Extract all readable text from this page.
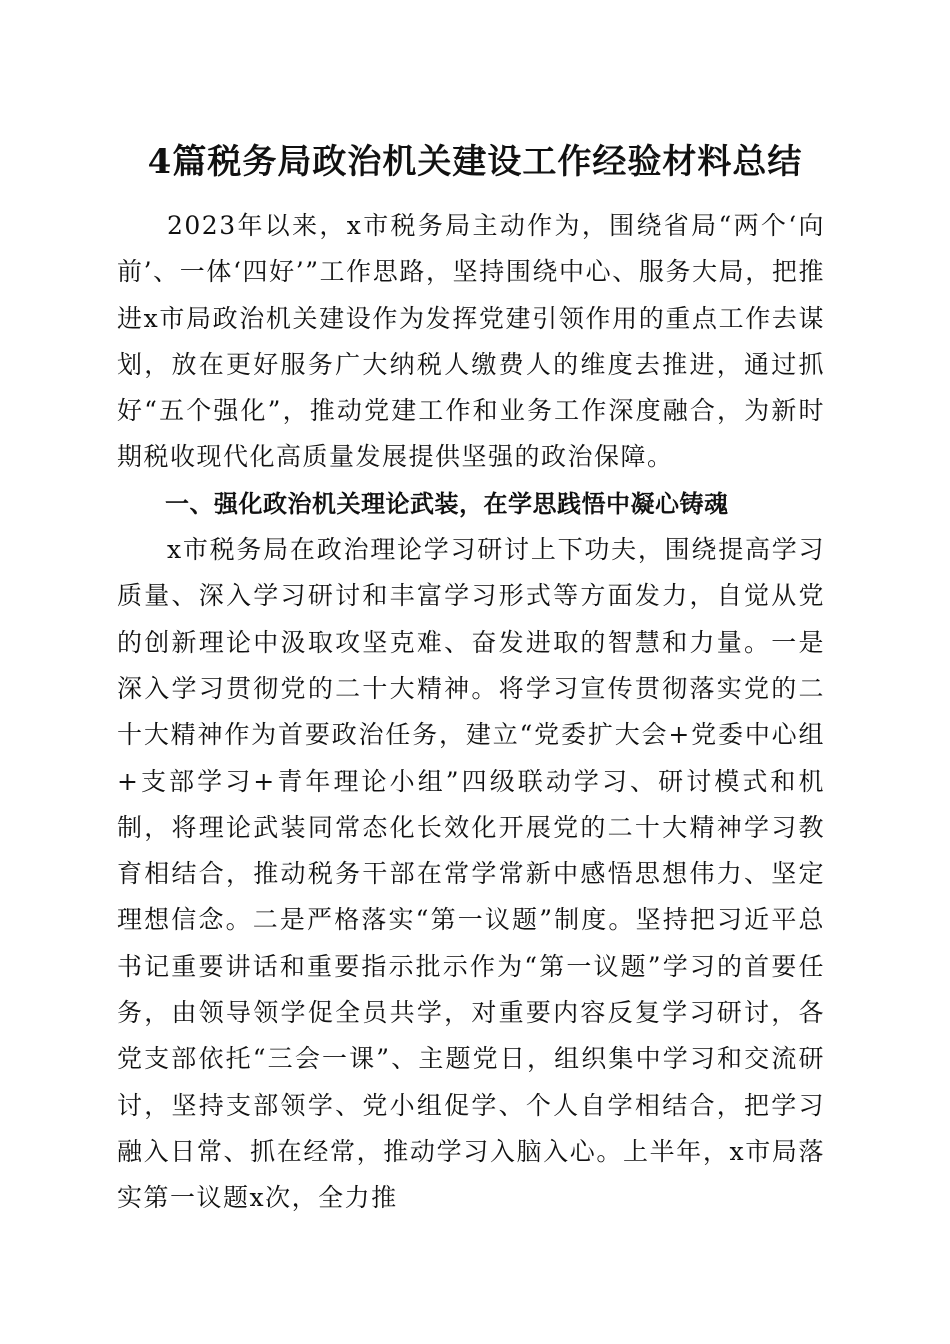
4篇税务局政治机关建设工作经验材料总结

2023年以来，x市税务局主动作为，围绕省局“两个‘向前’、一体‘四好’”工作思路，坚持围绕中心、服务大局，把推进x市局政治机关建设作为发挥党建引领作用的重点工作去谋划，放在更好服务广大纳税人缴费人的维度去推进，通过抓好“五个强化”，推动党建工作和业务工作深度融合，为新时期税收现代化高质量发展提供坚强的政治保障。

一、强化政治机关理论武装，在学思践悟中凝心铸魂

x市税务局在政治理论学习研讨上下功夫，围绕提高学习质量、深入学习研讨和丰富学习形式等方面发力，自觉从党的创新理论中汲取攻坚克难、奋发进取的智慧和力量。一是深入学习贯彻党的二十大精神。将学习宣传贯彻落实党的二十大精神作为首要政治任务，建立“党委扩大会+党委中心组+支部学习+青年理论小组”四级联动学习、研讨模式和机制，将理论武装同常态化长效化开展党的二十大精神学习教育相结合，推动税务干部在常学常新中感悟思想伟力、坚定理想信念。二是严格落实“第一议题”制度。坚持把习近平总书记重要讲话和重要指示批示作为“第一议题”学习的首要任务，由领导领学促全员共学，对重要内容反复学习研讨，各党支部依托“三会一课”、主题党日，组织集中学习和交流研讨，坚持支部领学、党小组促学、个人自学相结合，把学习融入日常、抓在经常，推动学习入脑入心。上半年，x市局落实第一议题x次，全力推
